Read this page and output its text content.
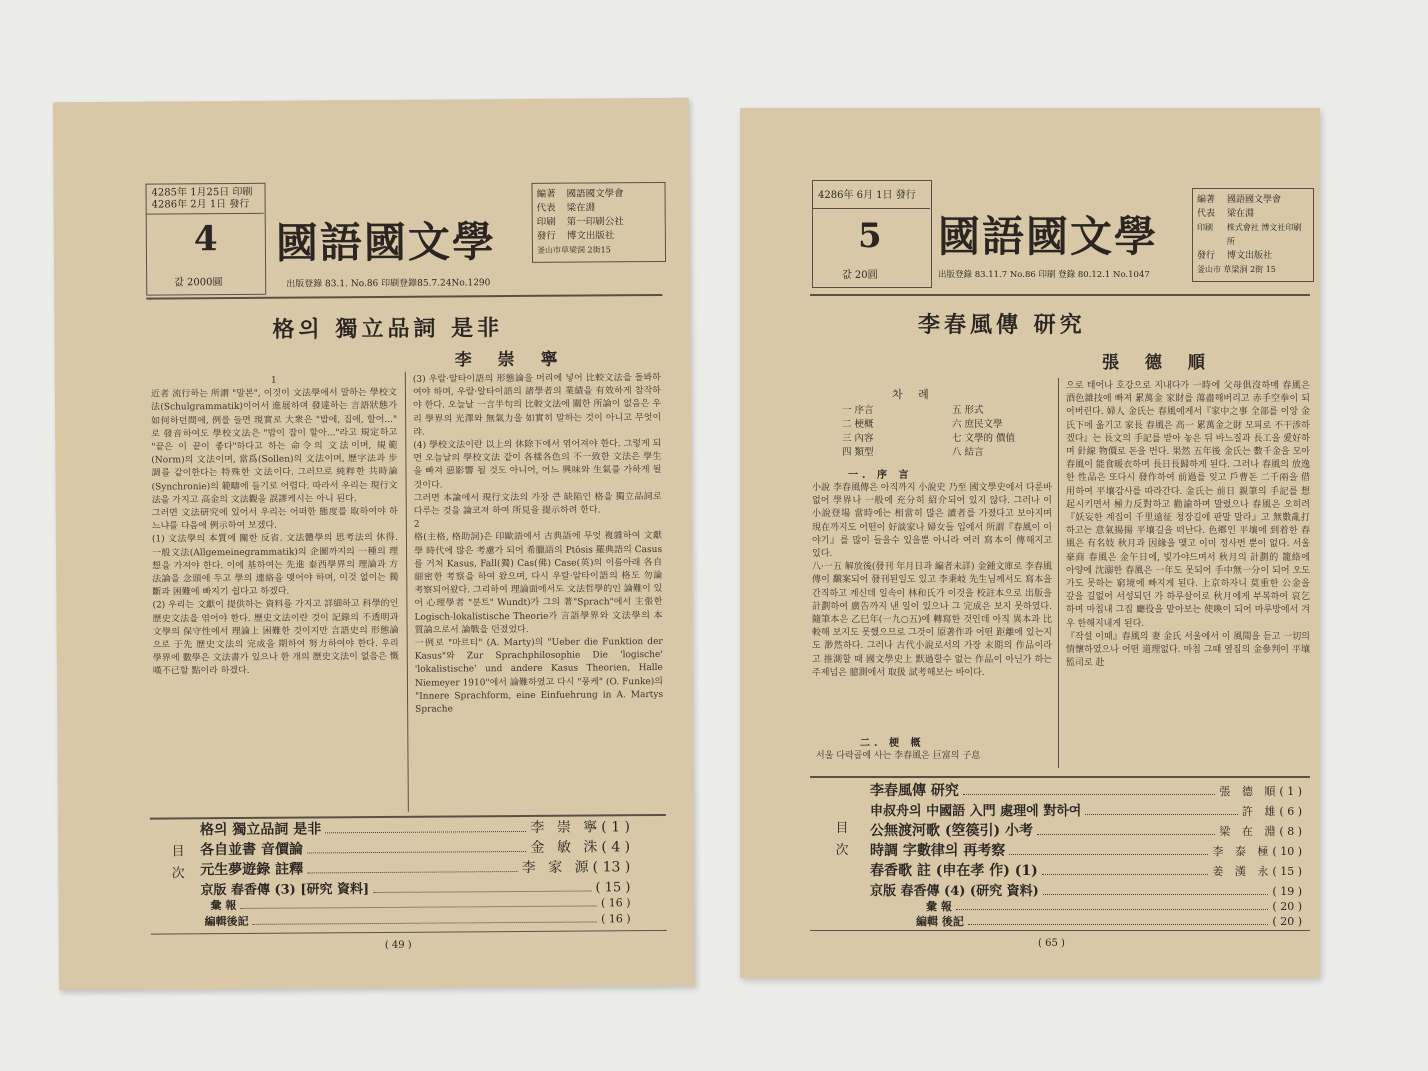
4285年 1月25日 印刷
4286年 2月 1日 發行
4
값 2000圓
國語國文學
出版登錄 83.1. No.86 印刷登錄85.7.24No.1290
編著	國語國文學會
代表	梁在淵
印刷	第一印刷公社
發行	博文出版社
釜山市草梁洞 2街15
格의 獨立品詞 是非
李 崇 寧
1
近者 流行하는 所謂 "말본", 이것이 文法學에서 말하는 學校文法(Schulgrammatik)이어서 進展하며 發達하는 言語狀態가 如何하던間에, 例를 들면 現實로 大衆은 "밥에, 집에, 할어..." 로 發音하여도 學校文法은 "밥이 잡이 할아..."라고 規定하고 "끝은 이 끝이 좋다"하다고 하는 命令의 文法이며, 規範(Norm)의 文法이며, 當爲(Sollen)의 文法이며, 歷字法과 步調를 같이한다는 特殊한 文法이다. 그러므로 純粹한 共時論(Synchronie)의 範疇에 들기로 어렵다. 따라서 우리는 現行文法을 가지고 高金의 文法觀을 誤謬케시는 아니 된다.
그러면 文法研究에 있어서 우리는 어떠한 態度를 取하여야 하느냐를 다음에 例示하여 보겠다.
(1) 文法學의 本質에 關한 反省. 文法體學의 思考法의 休得. 一般文法(Allgemeinegrammatik)의 企圖까지의 一種의 理想을 가져야 한다. 이에 基하여는 先進 泰西學界의 理論과 方法論을 念頭에 두고 學의 連絡을 맺어야 하며, 이것 없이는 獨斷과 困難에 빠지기 쉽다고 하겠다.
(2) 우리는 文獻이 提供하는 資料를 가지고 詳細하고 科學的인 歷史文法을 엮어야 한다. 歷史文法이란 것이 記錄의 不透明과 文學의 保守性에서 理論上 困難한 것이지만 言語史의 形態論으로 于先 歷史文法의 完成을 期하여 努力하여야 한다. 우리 學界에 數學은 文法書가 있으나 한 개의 歷史文法이 없음은 慨嘆不已할 點이라 하겠다.
(3) 우랄·알타이語의 形態論을 머리에 넣어 比較文法을 돌봐하여야 하며, 우랄·알타이語의 諸學者의 業績을 有效하게 참작하야 한다. 오늘날 一言半句의 比較文法에 關한 所論이 없음은 우리 學界의 光澤와 無氣力을 如實히 말하는 것이 아니고 무엇이랴.
(4) 學校文法이란 以上의 休除下에서 엮어져야 한다. 그렇게 되면 오늘날의 學校文法 같이 各樣各色의 不一致한 文法은 學生을 빠져 惡影響 될 것도 아니어, 어느 興味와 生氣를 가하게 될 것이다.
그러면 本論에서 現行文法의 가장 큰 缺陷인 格을 獨立品詞로 다루는 것을 論코져 하여 所見을 提示하려 한다.
2
格(主格, 格助詞)은 印歐語에서 古典語에 무엇 複雜하여 文獻學 時代에 많은 考慮가 되어 希臘語의 Ptōsis 羅典語의 Casus를 거처 Kasus, Fall(獨) Cas(佛) Case(英)의 이름아래 各自細密한 考察을 하여 왔으며, 다시 우랄·알타이語의 格도 勿論 考察되어왔다. 그리하여 理論面에서도 文法哲學的인 論難이 있어 心理學者 "분트" Wundt)가 그의 著"Sprach"에서 主張한 Logisch-lokalistische Theorie가 言語學界와 文法學의 本質論으로서 論戰을 던졌었다.
一例로 "마르티" (A. Marty)의 "Ueber die Funktion der Kasus"와 Zur Sprachphilosophie Die 'logische' 'lokalistische' und andere Kasus Theorien, Halle Niemeyer 1910"에서 論難하였고 다시 "풍케" (O. Funke)의 "Innere Sprachform, eine Einfuehrung in A. Martys Sprache
目 次
格의 獨立品詞 是非	李 崇 寧 ( 1 )
各自並書 音價論	金 敏 洙 ( 4 )
元生夢遊錄 註釋	李 家 源 ( 13 )
京版 春香傳 (3) [研究 資料]	( 15 )
彙 報	( 16 )
編輯後記	( 16 )
( 49 )
4286年 6月 1日 發行
5
값 20圓
國語國文學
出版登錄 83.11.7 No.86 印刷 登錄 80.12.1 No.1047
編著	國語國文學會
代表	梁在淵
印刷	株式會社 博文社印刷所
發行	博文出版社
釜山市 草梁洞 2街 15
李春風傳 研究
張 德 順
차 례
一 序言	五 形式
二 梗概	六 庶民文學
三 內容	七 文學的 價值
四 類型	八 結言
一. 序 言
小說 李春風傳은 아직까지 小說史 乃至 國文學史에서 다룬바 없어 學界나 一般에 充分히 紹介되어 있지 않다. 그러나 이 小說登場 當時에는 相當히 많은 讀者를 가졌다고 보아지며 現在까지도 어떤이 好談家나 婦女들 입에서 所謂『春風이 이야기』를 많이 들을수 있을뿐 아니라 여러 寫本이 傳해지고 있다.
八·一五 解放後(發刊 年月日과 編者未詳) 金鍾文庫로 李春風傳이 飜案되어 發刊된일도 있고 李秉岐 先生님께서도 寫本을 간직하고 계신데 일속이 林和氏가 이것을 校註本으로 出版을 計劃하여 廣告까지 낸 일이 있으나 그 完成은 보지 못하였다. 隨筆本은 乙巳年(一九○五)에 轉寫한 것인데 아직 異本과 比較해 보지도 못했으므로 그것이 原著作과 어떤 距離에 있는지도 渺然하다. 그러나 古代小說로서의 가장 末期의 作品이라고 推測할 때 國文學史上 默過할수 없는 作品이 아닌가 하는 주제넘은 臆測에서 取扱 試考해보는 바이다.
二. 梗 概
서울 다락골에 사는 李春風은 巨富의 子息
으로 태어나 호강으로 지내다가 一時에 父母俱沒하매 春風은 酒色雜技에 빠져 累萬金 家財를 蕩盡해버리고 赤手空拳이 되어버린다. 婦人 金氏는 春風에게서『家中之事 全部를 이앙 金氏下에 옮기고 家長 春風은 高一 累萬金之財 모피로 不干涉하겠다』는 長文의 手記를 받아 놓은 뒤 바느질과 長工을 愛好하며 針線 物價로 돈을 번다. 果然 五年後 金氏는 數千金을 모아 春風이 能食暖衣하며 長日長歸하게 된다. 그러나 春風의 放逸한 性品은 또다시 發作하여 前過를 잊고 戶曹돈 二千兩을 借用하여 平壤감사를 따라간다. 金氏는 前日 親筆의 手記를 想起시키면서 極力反對하고 勸諭하며 말렸으나 春風은 오히려『妖妄한 계집이 千里遠征 청장길에 판말 말라』고 無數亂打하고는 意氣揚揚 平壤길을 떠난다. 色鄕인 平壤에 到着한 春風은 有名妓 秋月과 因緣을 맺고 이미 정사번 뿐이 없다. 서울 豪商 春風은 金午日에, 빛가야드며서 秋月의 計劃的 籠絡에 아양에 沈溺한 春風은 一年도 못되어 手中無一分이 되어 오도가도 못하는 窮境에 빠지게 된다. 上京하자니 莫重한 公金을 갚을 길없어 서성되던 가 하루살이로 秋月에게 부복하여 哀乞하며 마침내 그집 廳役을 맡아보는 使喚이 되어 마루방에서 겨우 한해지내게 된다.
『작설 이때』春風의 妻 金氏 서울에서 이 風聞을 듣고 一切의 情懷하였으나 어떤 道理없다. 마침 그때 옆집의 金參判이 平壤監司로 赴
目 次
李春風傳 研究	張 德 順 ( 1 )
申叔舟의 中國語 入門 處理에 對하여	許 雄 ( 6 )
公無渡河歌 (箜篌引) 小考	梁 在 淵 ( 8 )
時調 字數律의 再考察	李 泰 極 ( 10 )
春香歌 註 (申在孝 作) (1)	姜 漢 永 ( 15 )
京版 春香傳 (4) (研究 資料)	( 19 )
彙 報	( 20 )
編輯 後記	( 20 )
( 65 )
